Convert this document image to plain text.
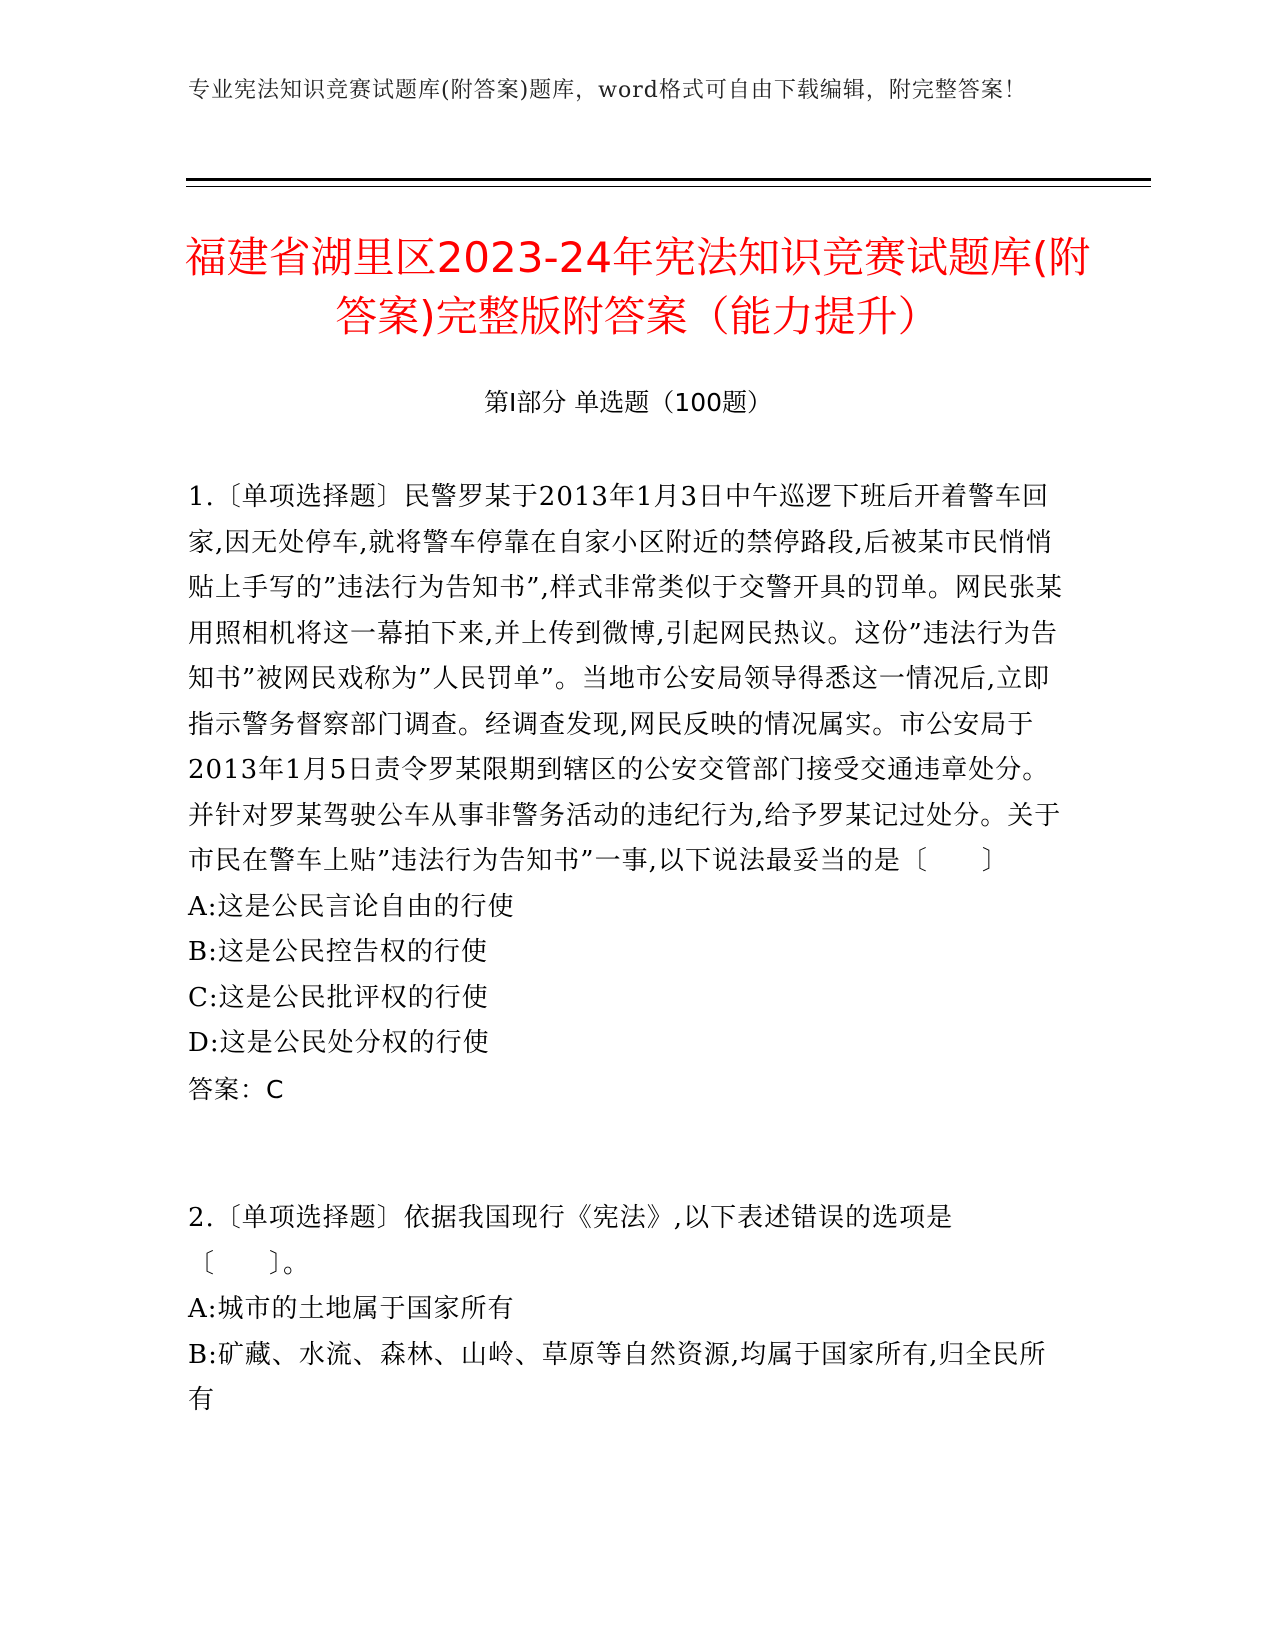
专业宪法知识竞赛试题库(附答案)题库，word格式可自由下载编辑，附完整答案！
福建省湖里区2023-24年宪法知识竞赛试题库(附答案)完整版附答案（能力提升）
第I部分 单选题（100题）

1.〔单项选择题〕民警罗某于2013年1月3日中午巡逻下班后开着警车回家,因无处停车,就将警车停靠在自家小区附近的禁停路段,后被某市民悄悄贴上手写的”违法行为告知书”,样式非常类似于交警开具的罚单。网民张某用照相机将这一幕拍下来,并上传到微博,引起网民热议。这份”违法行为告知书”被网民戏称为”人民罚单”。当地市公安局领导得悉这一情况后,立即指示警务督察部门调查。经调查发现,网民反映的情况属实。市公安局于2013年1月5日责令罗某限期到辖区的公安交管部门接受交通违章处分。并针对罗某驾驶公车从事非警务活动的违纪行为,给予罗某记过处分。关于市民在警车上贴”违法行为告知书”一事,以下说法最妥当的是〔　　〕

A:这是公民言论自由的行使

B:这是公民控告权的行使

C:这是公民批评权的行使

D:这是公民处分权的行使

答案：C

2.〔单项选择题〕依据我国现行《宪法》,以下表述错误的选项是〔　　〕。

A:城市的土地属于国家所有

B:矿藏、水流、森林、山岭、草原等自然资源,均属于国家所有,归全民所有
